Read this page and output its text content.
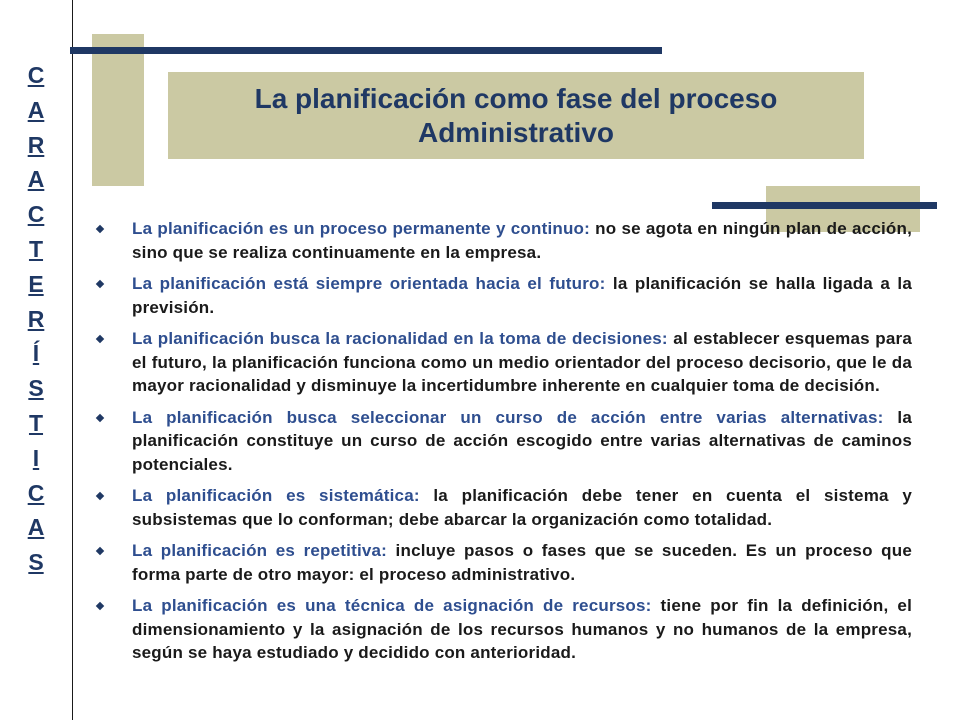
C
A
R
A
C
T
E
R
Í
S
T
I
C
A
S
La planificación como fase del proceso
Administrativo
La planificación es un proceso permanente y continuo: no se agota en ningún plan de acción, sino que se realiza continuamente en la empresa.
La planificación está siempre orientada hacia el futuro: la planificación se halla ligada a la previsión.
La planificación busca la racionalidad en la toma de decisiones: al establecer esquemas para el futuro, la planificación funciona como un medio orientador del proceso decisorio, que le da mayor racionalidad y disminuye la incertidumbre inherente en cualquier toma de decisión.
La planificación busca seleccionar un curso de acción entre varias alternativas: la planificación constituye un curso de acción escogido entre varias alternativas de caminos potenciales.
La planificación es sistemática: la planificación debe tener en cuenta el sistema y subsistemas que lo conforman; debe abarcar la organización como totalidad.
La planificación es repetitiva: incluye pasos o fases que se suceden. Es un proceso que forma parte de otro mayor: el proceso administrativo.
La planificación es una técnica de asignación de recursos: tiene por fin la definición, el dimensionamiento y la asignación de los recursos humanos y no humanos de la empresa, según se haya estudiado y decidido con anterioridad.
